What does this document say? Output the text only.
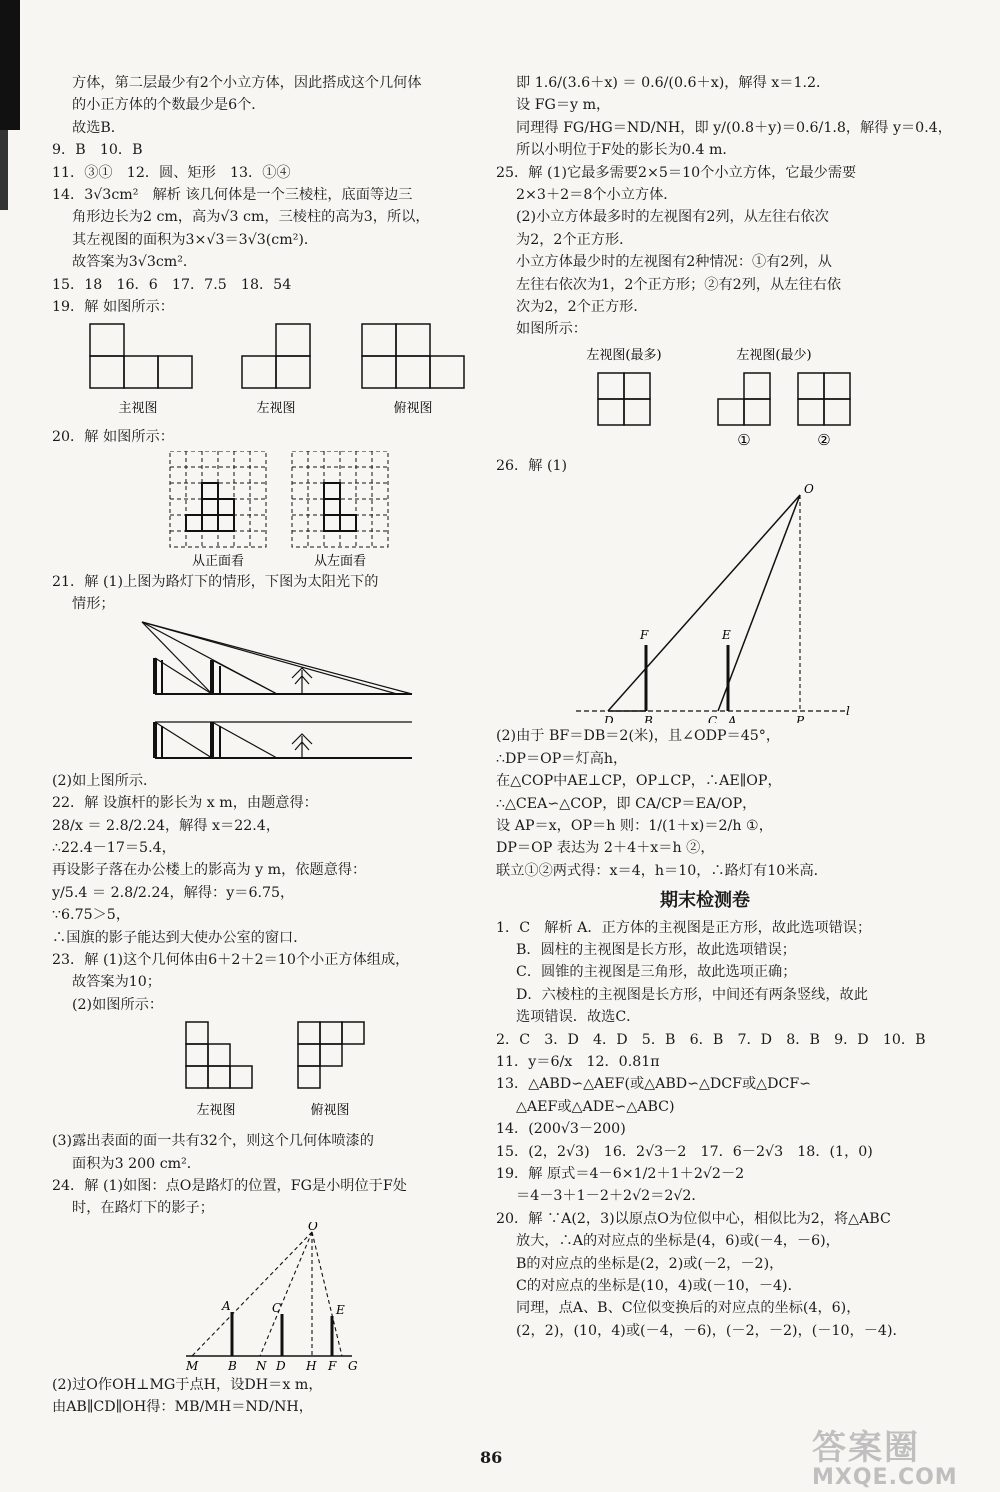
方体，第二层最少有2个小立方体，因此搭成这个几何体
的小正方体的个数最少是6个．
故选B．
9．B　10．B
11．③①　12．圆、矩形　13．①④
14．3√3cm²　解析 该几何体是一个三棱柱，底面等边三
角形边长为2 cm，高为√3 cm，三棱柱的高为3，所以，
其左视图的面积为3×√3＝3√3(cm²)．
故答案为3√3cm²．
15．18　16．6　17．7.5　18．54
19．解 如图所示：
主视图	左视图	俯视图
20．解 如图所示：
从正面看	从左面看
21．解 (1)上图为路灯下的情形，下图为太阳光下的
情形；
(2)如上图所示．
22．解 设旗杆的影长为 x m，由题意得：
28/x ＝ 2.8/2.24，解得 x＝22.4，
∴22.4－17＝5.4，
再设影子落在办公楼上的影高为 y m，依题意得：
y/5.4 ＝ 2.8/2.24，解得：y＝6.75，
∵6.75＞5，
∴国旗的影子能达到大使办公室的窗口．
23．解 (1)这个几何体由6＋2＋2＝10个小正方体组成，
故答案为10；
(2)如图所示：
左视图	俯视图
(3)露出表面的面一共有32个，则这个几何体喷漆的
面积为3 200 cm²．
24．解 (1)如图：点O是路灯的位置，FG是小明位于F处
时，在路灯下的影子；
O
A	C	E
M B N D H F G
(2)过O作OH⊥MG于点H，设DH＝x m，
由AB∥CD∥OH得：MB/MH＝ND/NH，
即 1.6/(3.6＋x) ＝ 0.6/(0.6＋x)，解得 x＝1.2．
设 FG＝y m，
同理得 FG/HG＝ND/NH，即 y/(0.8＋y)＝0.6/1.8，解得 y＝0.4，
所以小明位于F处的影长为0.4 m．
25．解 (1)它最多需要2×5＝10个小立方体，它最少需要
2×3＋2＝8个小立方体．
(2)小立方体最多时的左视图有2列，从左往右依次
为2，2个正方形．
小立方体最少时的左视图有2种情况：①有2列，从
左往右依次为1，2个正方形；②有2列，从左往右依
次为2，2个正方形．
如图所示：
左视图(最多)	左视图(最少)
①	②
26．解 (1)
O
F	E
D	B	C A	P
l
(2)由于 BF＝DB＝2(米)，且∠ODP＝45°，
∴DP＝OP＝灯高h，
在△COP中AE⊥CP，OP⊥CP，∴AE∥OP，
∴△CEA∽△COP，即 CA/CP＝EA/OP，
设 AP＝x，OP＝h 则：1/(1＋x)＝2/h ①，
DP＝OP 表达为 2＋4＋x＝h ②，
联立①②两式得：x＝4，h＝10，∴路灯有10米高．
期末检测卷
1．C　解析 A．正方体的主视图是正方形，故此选项错误；
B．圆柱的主视图是长方形，故此选项错误；
C．圆锥的主视图是三角形，故此选项正确；
D．六棱柱的主视图是长方形，中间还有两条竖线，故此
选项错误．故选C．
2．C　3．D　4．D　5．B　6．B　7．D　8．B　9．D　10．B
11．y＝6/x　12．0.81π
13．△ABD∽△AEF(或△ABD∽△DCF或△DCF∽
△AEF或△ADE∽△ABC)
14．(200√3－200)
15．(2，2√3)　16．2√3－2　17．6－2√3　18．(1，0)
19．解 原式＝4－6×1/2＋1＋2√2－2
＝4－3＋1－2＋2√2＝2√2．
20．解 ∵A(2，3)以原点O为位似中心，相似比为2，将△ABC
放大，∴A的对应点的坐标是(4，6)或(－4，－6)，
B的对应点的坐标是(2，2)或(－2，－2)，
C的对应点的坐标是(10，4)或(－10，－4)．
同理，点A、B、C位似变换后的对应点的坐标(4，6)，
(2，2)，(10，4)或(－4，－6)，(－2，－2)，(－10，－4)．
86	答案圈
MXQE.COM
